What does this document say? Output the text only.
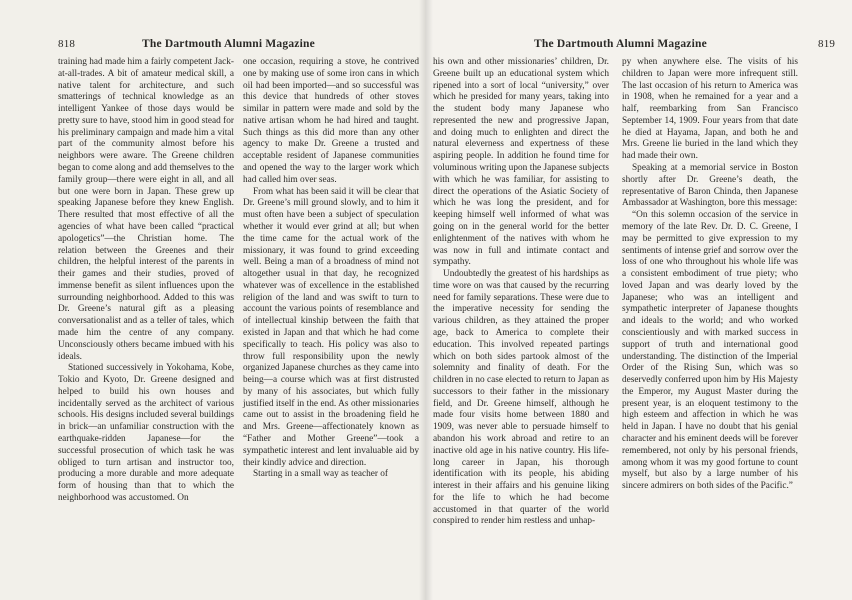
818	The Dartmouth Alumni Magazine

training had made him a fairly competent Jack-at-all-trades. A bit of amateur medical skill, a native talent for architecture, and such smatterings of technical knowledge as an intelligent Yankee of those days would be pretty sure to have, stood him in good stead for his preliminary campaign and made him a vital part of the community almost before his neighbors were aware. The Greene children began to come along and add themselves to the family group—there were eight in all, and all but one were born in Japan. These grew up speaking Japanese before they knew English. There resulted that most effective of all the agencies of what have been called “practical apologetics”—the Christian home. The relation between the Greenes and their children, the helpful interest of the parents in their games and their studies, proved of immense benefit as silent influences upon the surrounding neighborhood. Added to this was Dr. Greene’s natural gift as a pleasing conversationalist and as a teller of tales, which made him the centre of any company. Unconsciously others became imbued with his ideals.

Stationed successively in Yokohama, Kobe, Tokio and Kyoto, Dr. Greene designed and helped to build his own houses and incidentally served as the architect of various schools. His designs included several buildings in brick—an unfamiliar construction with the earthquake-ridden Japanese—for the successful prosecution of which task he was obliged to turn artisan and instructor too, producing a more durable and more adequate form of housing than that to which the neighborhood was accustomed. On

one occasion, requiring a stove, he contrived one by making use of some iron cans in which oil had been imported—and so successful was this device that hundreds of other stoves similar in pattern were made and sold by the native artisan whom he had hired and taught. Such things as this did more than any other agency to make Dr. Greene a trusted and acceptable resident of Japanese communities and opened the way to the larger work which had called him over seas.

From what has been said it will be clear that Dr. Greene’s mill ground slowly, and to him it must often have been a subject of speculation whether it would ever grind at all; but when the time came for the actual work of the missionary, it was found to grind exceeding well. Being a man of a broadness of mind not altogether usual in that day, he recognized whatever was of excellence in the established religion of the land and was swift to turn to account the various points of resemblance and of intellectual kinship between the faith that existed in Japan and that which he had come specifically to teach. His policy was also to throw full responsibility upon the newly organized Japanese churches as they came into being—a course which was at first distrusted by many of his associates, but which fully justified itself in the end. As other missionaries came out to assist in the broadening field he and Mrs. Greene—affectionately known as “Father and Mother Greene”—took a sympathetic interest and lent invaluable aid by their kindly advice and direction.

Starting in a small way as teacher of

The Dartmouth Alumni Magazine	819

his own and other missionaries’ children, Dr. Greene built up an educational system which ripened into a sort of local “university,” over which he presided for many years, taking into the student body many Japanese who represented the new and progressive Japan, and doing much to enlighten and direct the natural eleverness and expertness of these aspiring people. In addition he found time for voluminous writing upon the Japanese subjects with which he was familiar, for assisting to direct the operations of the Asiatic Society of which he was long the president, and for keeping himself well informed of what was going on in the general world for the better enlightenment of the natives with whom he was now in full and intimate contact and sympathy.

Undoubtedly the greatest of his hardships as time wore on was that caused by the recurring need for family separations. These were due to the imperative necessity for sending the various children, as they attained the proper age, back to America to complete their education. This involved repeated partings which on both sides partook almost of the solemnity and finality of death. For the children in no case elected to return to Japan as successors to their father in the missionary field, and Dr. Greene himself, although he made four visits home between 1880 and 1909, was never able to persuade himself to abandon his work abroad and retire to an inactive old age in his native country. His life-long career in Japan, his thorough identification with its people, his abiding interest in their affairs and his genuine liking for the life to which he had become accustomed in that quarter of the world conspired to render him restless and unhap-

py when anywhere else. The visits of his children to Japan were more infrequent still. The last occasion of his return to America was in 1908, when he remained for a year and a half, reembarking from San Francisco September 14, 1909. Four years from that date he died at Hayama, Japan, and both he and Mrs. Greene lie buried in the land which they had made their own.

Speaking at a memorial service in Boston shortly after Dr. Greene’s death, the representative of Baron Chinda, then Japanese Ambassador at Washington, bore this message:

“On this solemn occasion of the service in memory of the late Rev. Dr. D. C. Greene, I may be permitted to give expression to my sentiments of intense grief and sorrow over the loss of one who throughout his whole life was a consistent embodiment of true piety; who loved Japan and was dearly loved by the Japanese; who was an intelligent and sympathetic interpreter of Japanese thoughts and ideals to the world; and who worked conscientiously and with marked success in support of truth and international good understanding. The distinction of the Imperial Order of the Rising Sun, which was so deservedly conferred upon him by His Majesty the Emperor, my August Master during the present year, is an eloquent testimony to the high esteem and affection in which he was held in Japan. I have no doubt that his genial character and his eminent deeds will be forever remembered, not only by his personal friends, among whom it was my good fortune to count myself, but also by a large number of his sincere admirers on both sides of the Pacific.”
